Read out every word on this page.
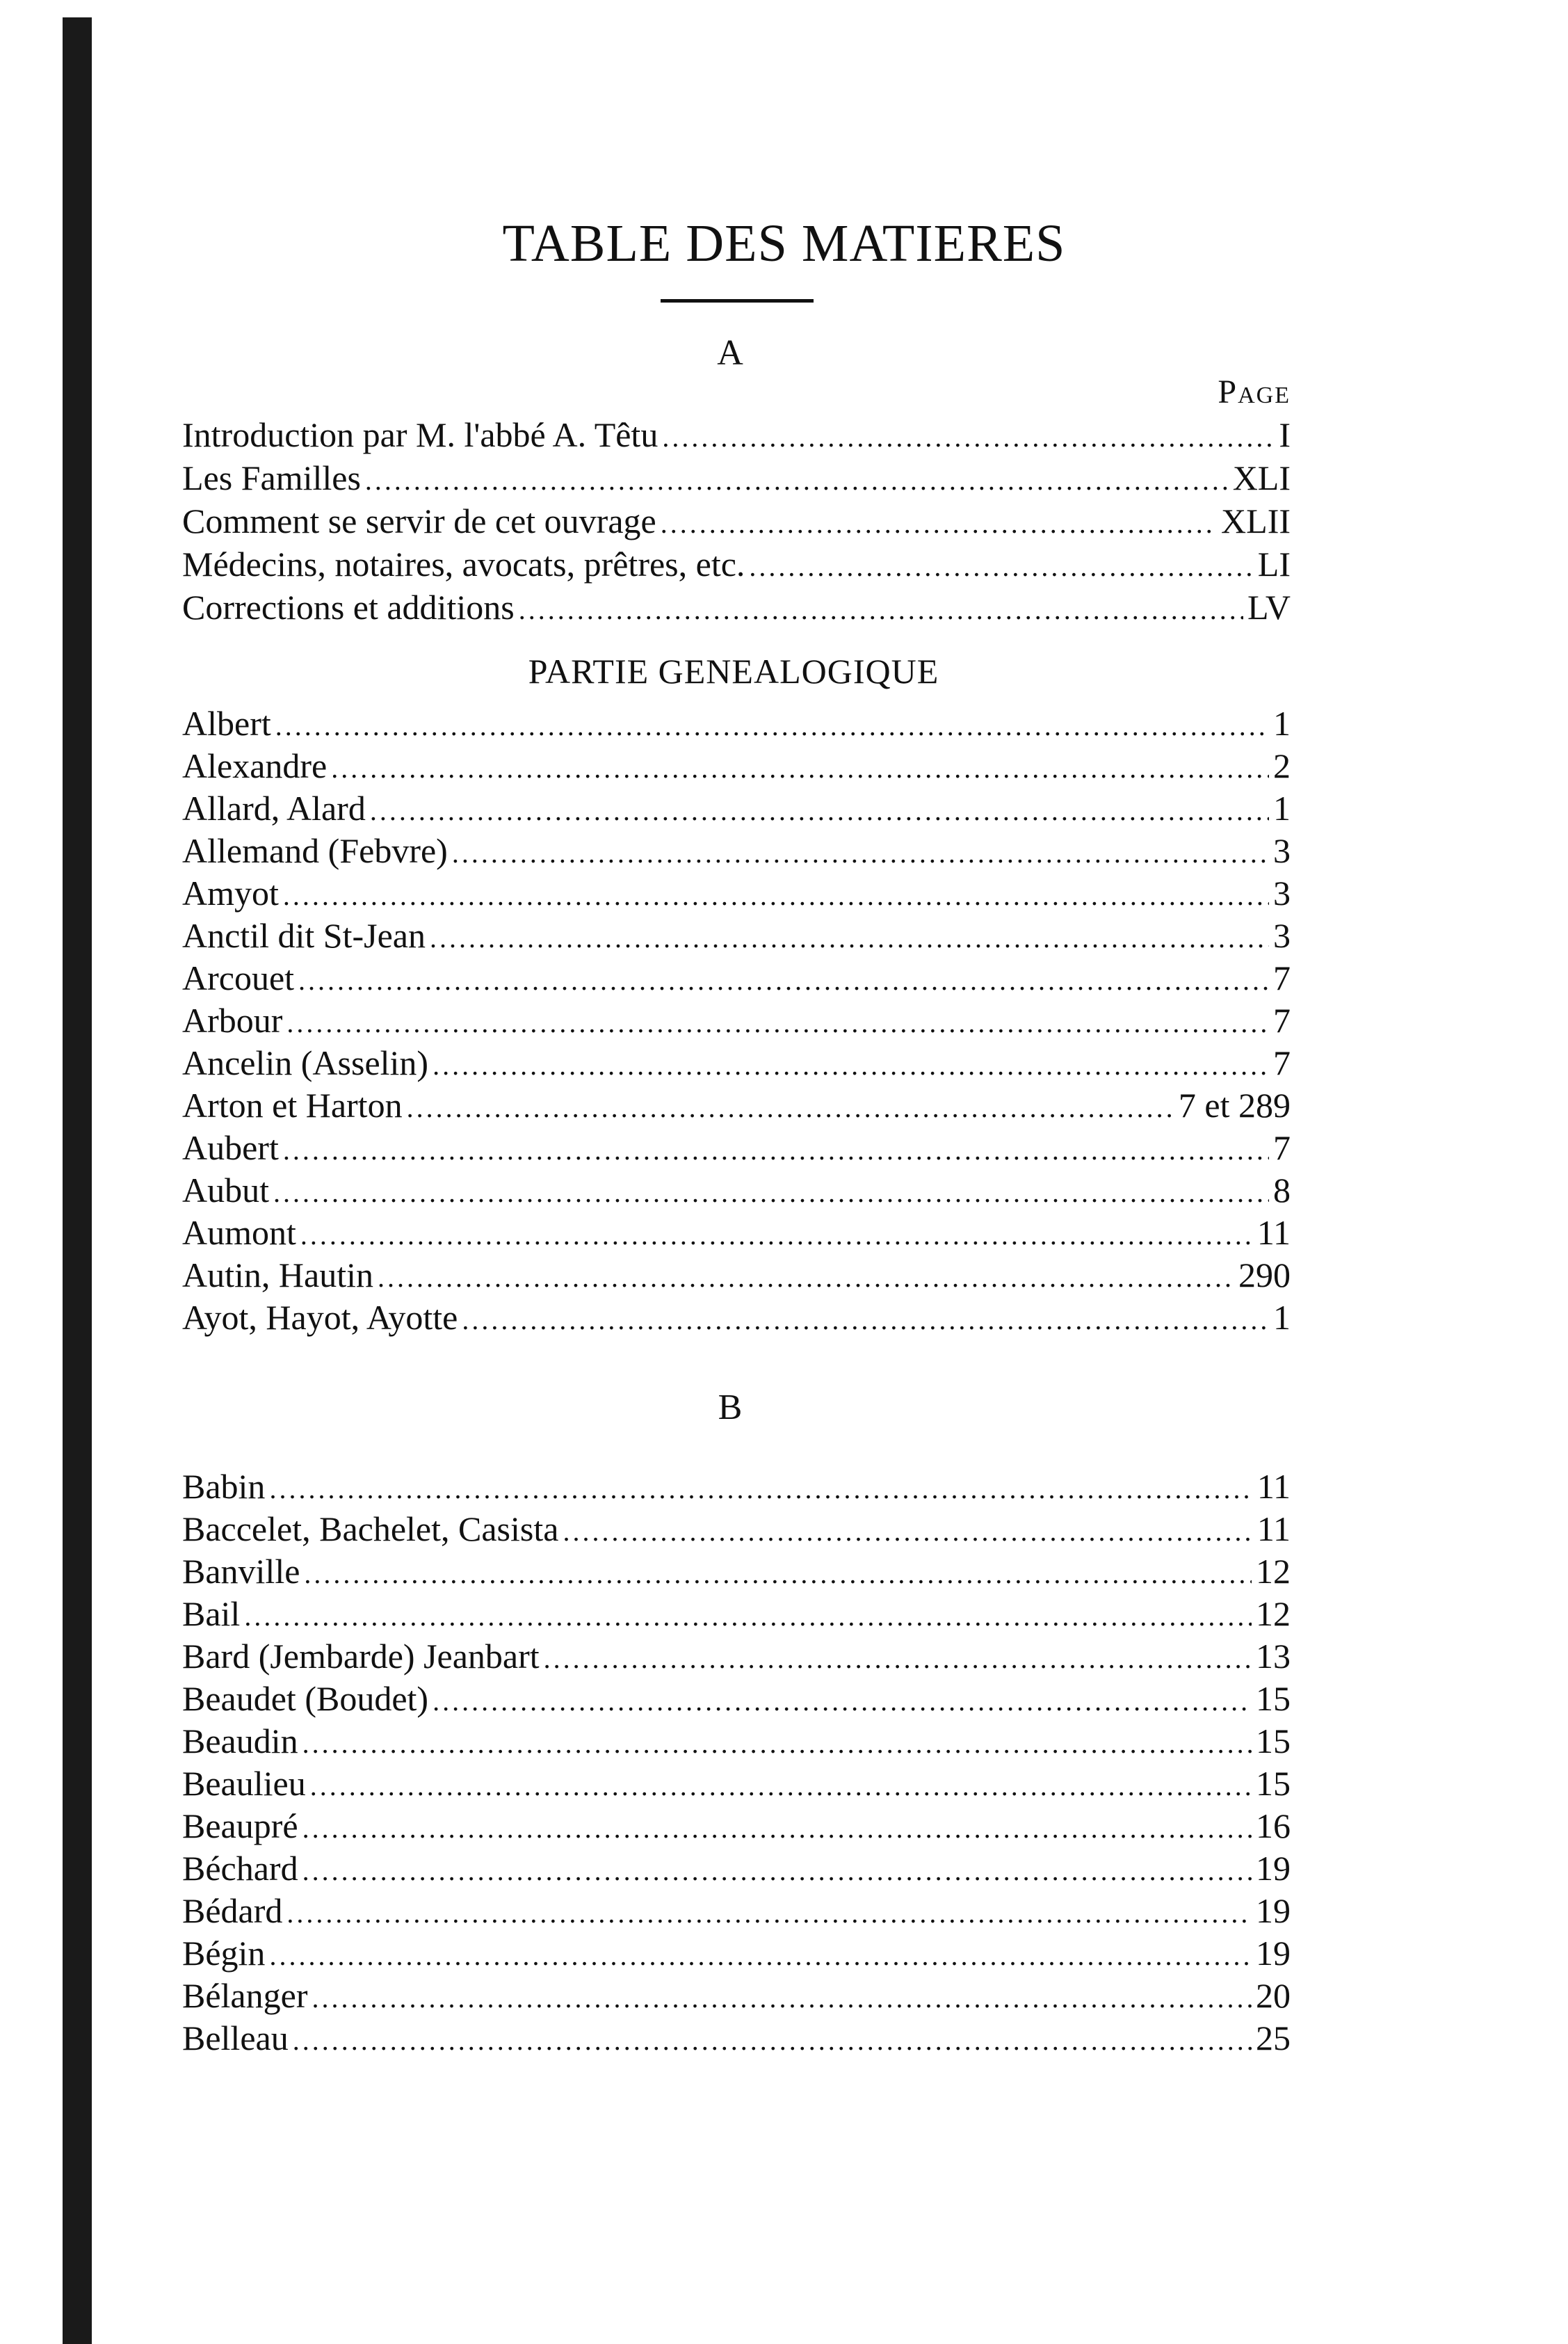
TABLE DES MATIERES
A
Page
Introduction par M. l'abbé A. Têtu .....	I
Les Familles .....	XLI
Comment se servir de cet ouvrage .....	XLII
Médecins, notaires, avocats, prêtres, etc. .....	LI
Corrections et additions .....	LV
PARTIE GENEALOGIQUE
Albert .....	1
Alexandre .....	2
Allard, Alard .....	1
Allemand (Febvre) .....	3
Amyot .....	3
Anctil dit St-Jean .....	3
Arcouet .....	7
Arbour .....	7
Ancelin (Asselin) .....	7
Arton et Harton .....	7 et 289
Aubert .....	7
Aubut .....	8
Aumont .....	11
Autin, Hautin .....	290
Ayot, Hayot, Ayotte .....	1
B
Babin .....	11
Baccelet, Bachelet, Casista .....	11
Banville .....	12
Bail .....	12
Bard (Jembarde) Jeanbart .....	13
Beaudet (Boudet) .....	15
Beaudin .....	15
Beaulieu .....	15
Beaupré .....	16
Béchard .....	19
Bédard .....	19
Bégin .....	19
Bélanger .....	20
Belleau .....	25
